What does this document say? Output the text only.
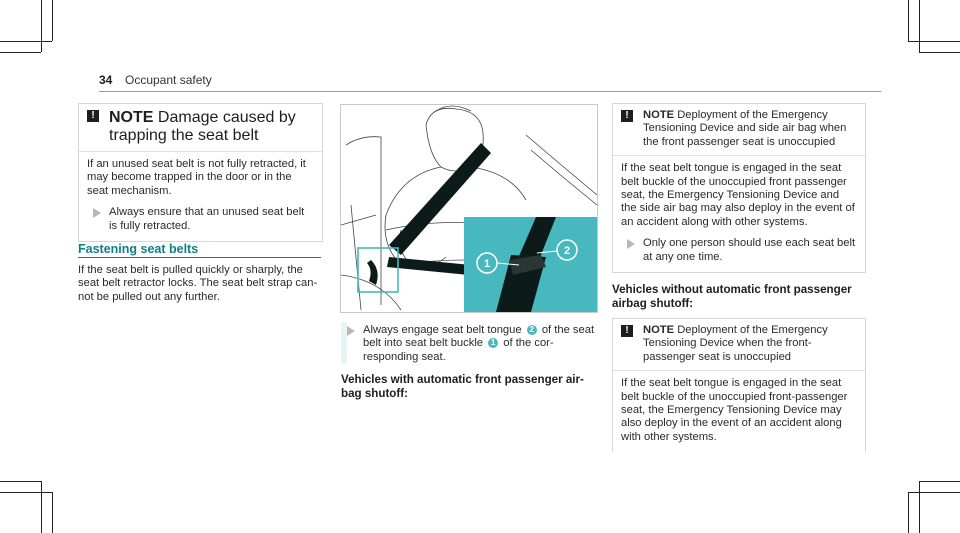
34 Occupant safety
! NOTE Damage caused by trapping the seat belt
If an unused seat belt is not fully retracted, it may become trapped in the door or in the seat mechanism.
Always ensure that an unused seat belt is fully retracted.
Fastening seat belts
If the seat belt is pulled quickly or sharply, the seat belt retractor locks. The seat belt strap can-not be pulled out any further.
1
2
Always engage seat belt tongue 2 of the seat belt into seat belt buckle 1 of the cor-responding seat.
Vehicles with automatic front passenger air-bag shutoff:
!	NOTE Deployment of the Emergency Tensioning Device and side air bag when the front passenger seat is unoccupied
If the seat belt tongue is engaged in the seat belt buckle of the unoccupied front passenger seat, the Emergency Tensioning Device and the side air bag may also deploy in the event of an accident along with other systems.
Only one person should use each seat belt at any one time.
Vehicles without automatic front passenger airbag shutoff:
!	NOTE Deployment of the Emergency Tensioning Device when the front-passenger seat is unoccupied
If the seat belt tongue is engaged in the seat belt buckle of the unoccupied front-passenger seat, the Emergency Tensioning Device may also deploy in the event of an accident along with other systems.
